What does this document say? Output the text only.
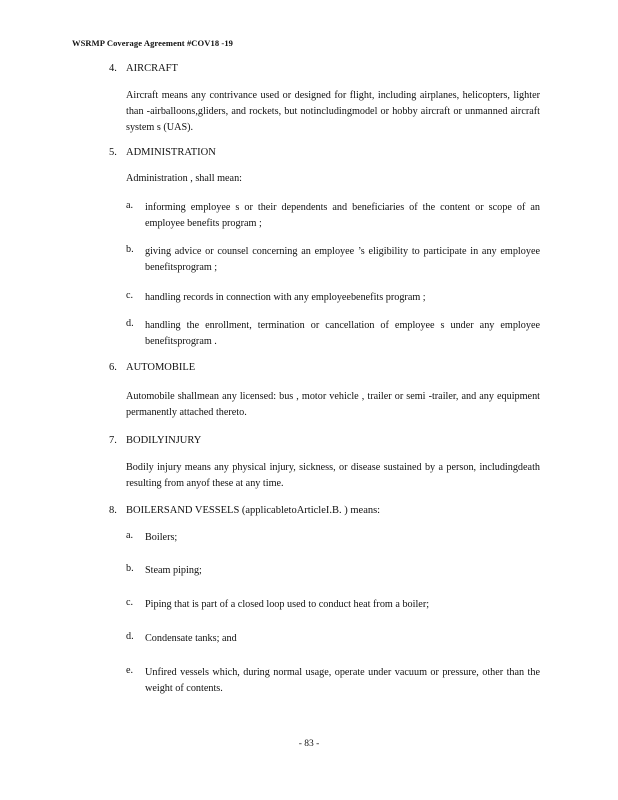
WSRMP Coverage Agreement #COV18 -19
4. AIRCRAFT
Aircraft means any contrivance used or designed for flight, including airplanes, helicopters, lighter than -airballoons,gliders, and rockets, but notincludingmodel or hobby aircraft or unmanned aircraft system s (UAS).
5. ADMINISTRATION
Administration , shall mean:
a. informing employee s or their dependents and beneficiaries of the content or scope of an employee benefits program ;
b. giving advice or counsel concerning an employee ’s eligibility to participate in any employee benefitsprogram ;
c. handling records in connection with any employeebenefits program ;
d. handling the enrollment, termination or cancellation of employee s under any employee benefitsprogram .
6. AUTOMOBILE
Automobile shallmean any licensed: bus , motor vehicle , trailer or semi -trailer, and any equipment permanently attached thereto.
7. BODILYINJURY
Bodily injury means any physical injury, sickness, or disease sustained by a person, includingdeath resulting from anyof these at any time.
8. BOILERSAND VESSELS (applicabletoArticleI.B. ) means:
a. Boilers;
b. Steam piping;
c. Piping that is part of a closed loop used to conduct heat from a boiler;
d. Condensate tanks; and
e. Unfired vessels which, during normal usage, operate under vacuum or pressure, other than the weight of contents.
- 83 -
